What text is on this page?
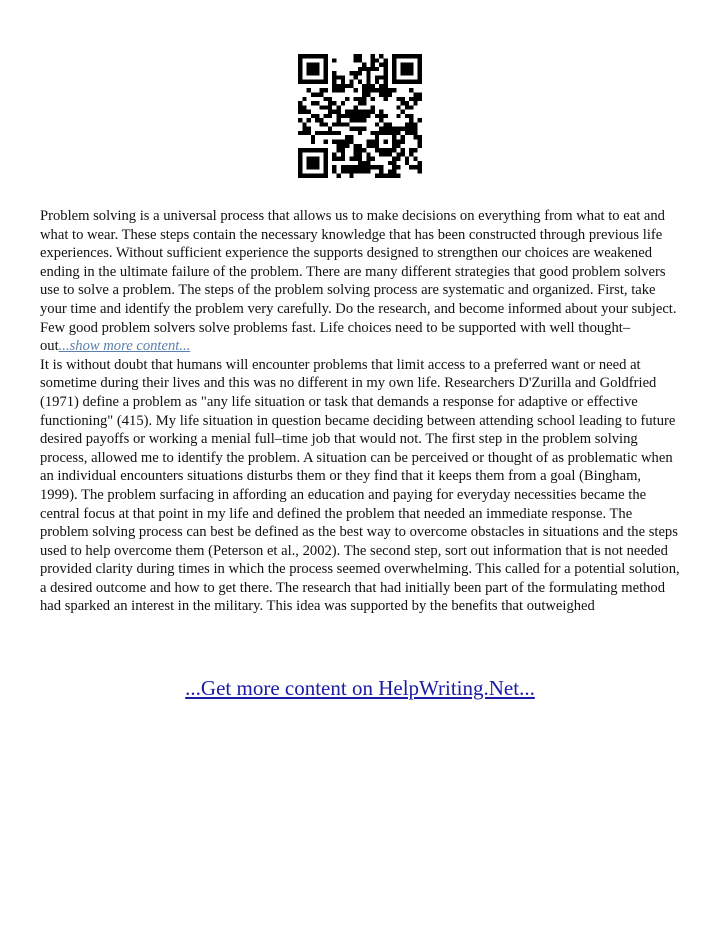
Problem solving is a universal process that allows us to make decisions on everything from what to eat and what to wear. These steps contain the necessary knowledge that has been constructed through previous life experiences. Without sufficient experience the supports designed to strengthen our choices are weakened ending in the ultimate failure of the problem. There are many different strategies that good problem solvers use to solve a problem. The steps of the problem solving process are systematic and organized. First, take your time and identify the problem very carefully. Do the research, and become informed about your subject. Few good problem solvers solve problems fast. Life choices need to be supported with well thought–out...show more content...

It is without doubt that humans will encounter problems that limit access to a preferred want or need at sometime during their lives and this was no different in my own life. Researchers D'Zurilla and Goldfried (1971) define a problem as "any life situation or task that demands a response for adaptive or effective functioning" (415). My life situation in question became deciding between attending school leading to future desired payoffs or working a menial full–time job that would not. The first step in the problem solving process, allowed me to identify the problem. A situation can be perceived or thought of as problematic when an individual encounters situations disturbs them or they find that it keeps them from a goal (Bingham, 1999). The problem surfacing in affording an education and paying for everyday necessities became the central focus at that point in my life and defined the problem that needed an immediate response. The problem solving process can best be defined as the best way to overcome obstacles in situations and the steps used to help overcome them (Peterson et al., 2002). The second step, sort out information that is not needed provided clarity during times in which the process seemed overwhelming. This called for a potential solution, a desired outcome and how to get there. The research that had initially been part of the formulating method had sparked an interest in the military. This idea was supported by the benefits that outweighed

...Get more content on HelpWriting.Net...
